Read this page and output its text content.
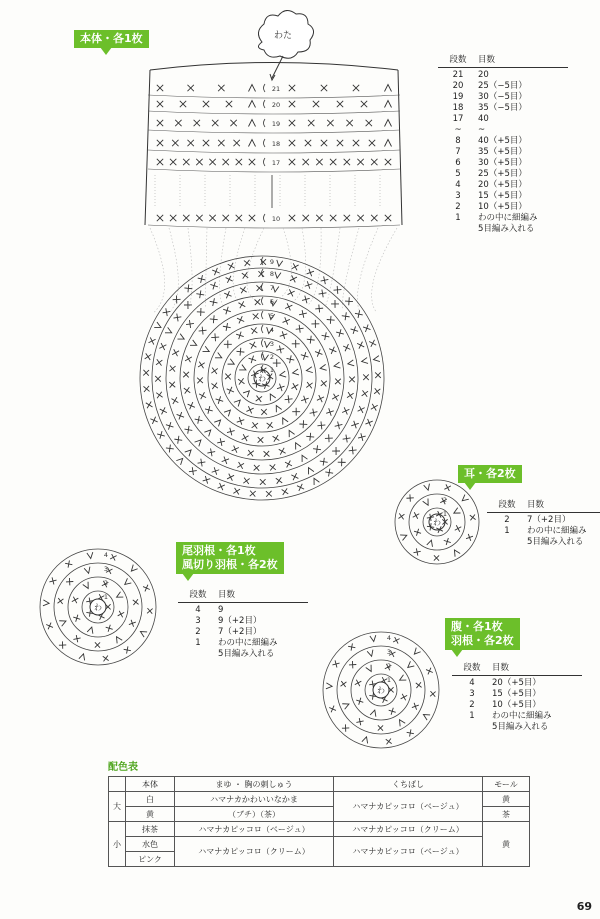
わた
21
20
19
18
17
10
わ
9
8
7
6
5
4
3
2
1
わ
4
3
2
1
わ
2
1
わ
4
3
2
1
本体・各1枚
耳・各2枚
尾羽根・各1枚
風切り羽根・各2枚
腹・各1枚
羽根・各2枚
段数	目数
21	20
20	25（−5目）
19	30（−5目）
18	35（−5目）
17	40
~	~
8	40（+5目）
7	35（+5目）
6	30（+5目）
5	25（+5目）
4	20（+5目）
3	15（+5目）
2	10（+5目）
1	わの中に細編み
5目編み入れる
段数	目数
2	7（+2目）
1	わの中に細編み
5目編み入れる
段数	目数
4	9
3	9（+2目）
2	7（+2目）
1	わの中に細編み
5目編み入れる
段数	目数
4	20（+5目）
3	15（+5目）
2	10（+5目）
1	わの中に細編み
5目編み入れる
配色表
	本体	まゆ ・ 胸の刺しゅう	くちばし	モール
大	白	ハマナカかわいいなかま	ハマナカピッコロ（ベージュ）	黄
	黄	（ブチ）（茶）		茶
小	抹茶	ハマナカピッコロ（ベージュ）	ハマナカピッコロ（クリーム）	黄
	水色	ハマナカピッコロ（クリーム）	ハマナカピッコロ（ベージュ）	
	ピンク			
69
